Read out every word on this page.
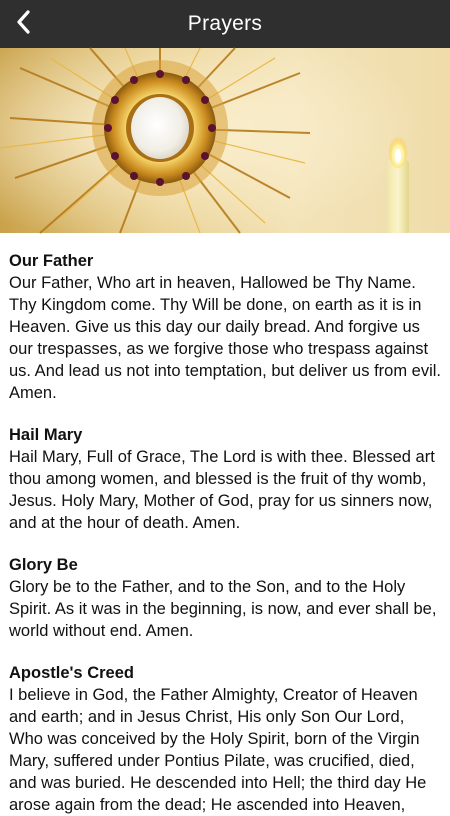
Prayers

Our Father

Our Father, Who art in heaven, Hallowed be Thy Name. Thy Kingdom come. Thy Will be done, on earth as it is in Heaven. Give us this day our daily bread. And forgive us our trespasses, as we forgive those who trespass against us. And lead us not into temptation, but deliver us from evil. Amen.

Hail Mary

Hail Mary, Full of Grace, The Lord is with thee. Blessed art thou among women, and blessed is the fruit of thy womb, Jesus. Holy Mary, Mother of God, pray for us sinners now, and at the hour of death. Amen.

Glory Be

Glory be to the Father, and to the Son, and to the Holy Spirit. As it was in the beginning, is now, and ever shall be, world without end. Amen.

Apostle's Creed

I believe in God, the Father Almighty, Creator of Heaven and earth; and in Jesus Christ, His only Son Our Lord, Who was conceived by the Holy Spirit, born of the Virgin Mary, suffered under Pontius Pilate, was crucified, died, and was buried. He descended into Hell; the third day He arose again from the dead; He ascended into Heaven,
